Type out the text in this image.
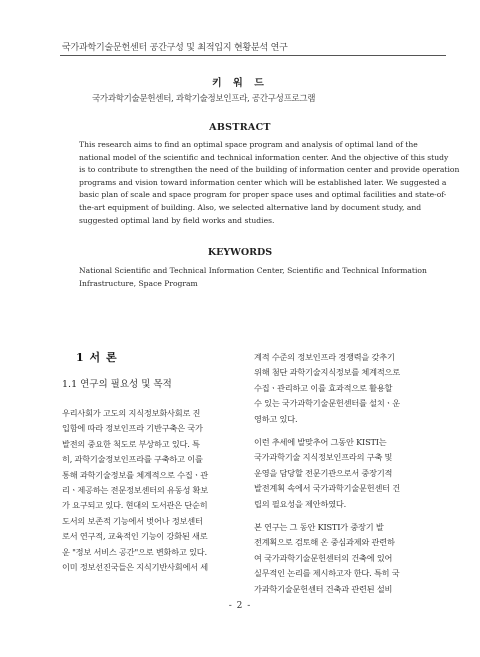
국가과학기술문헌센터 공간구성 및 최적입지 현황분석 연구
키 워 드
국가과학기술문헌센터, 과학기술정보인프라, 공간구성프로그램
ABSTRACT
This research aims to find an optimal space program and analysis of optimal land of the
national model of the scientific and technical information center. And the objective of this study
is to contribute to strengthen the need of the building of information center and provide operation
programs and vision toward information center which will be established later. We suggested a
basic plan of scale and space program for proper space uses and optimal facilities and state-of-
the-art equipment of building. Also, we selected alternative land by document study, and
suggested optimal land by field works and studies.
KEYWORDS
National Scientific and Technical Information Center, Scientific and Technical Information
Infrastructure, Space Program
1 서 론
1.1 연구의 필요성 및 목적
우리사회가 고도의 지식정보화사회로 진
입함에 따라 정보인프라 기반구축은 국가
발전의 중요한 척도로 부상하고 있다. 특
히, 과학기술정보인프라를 구축하고 이를
통해 과학기술정보를 체계적으로 수집ㆍ관
리ㆍ제공하는 전문정보센터의 유동성 확보
가 요구되고 있다. 현대의 도서관은 단순히
도서의 보존적 기능에서 벗어나 정보센터
로서 연구적, 교육적인 기능이 강화된 새로
운 "정보 서비스 공간"으로 변화하고 있다.
이미 정보선진국들은 지식기반사회에서 세
계적 수준의 정보인프라 경쟁력을 갖추기
위해 첨단 과학기술지식정보를 체계적으로
수집ㆍ관리하고 이를 효과적으로 활용할
수 있는 국가과학기술문헌센터를 설치ㆍ운
영하고 있다.
이런 추세에 발맞추어 그동안 KISTI는
국가과학기술 지식정보인프라의 구축 및
운영을 담당할 전문기관으로서 중장기적
발전계획 속에서 국가과학기술문헌센터 건
립의 필요성을 제안하였다.
본 연구는 그 동안 KISTI가 중장기 발
전계획으로 검토해 온 중심과제와 관련하
여 국가과학기술문헌센터의 건축에 있어
실무적인 논리를 제시하고자 한다. 특히 국
가과학기술문헌센터 건축과 관련된 설비
- 2 -
